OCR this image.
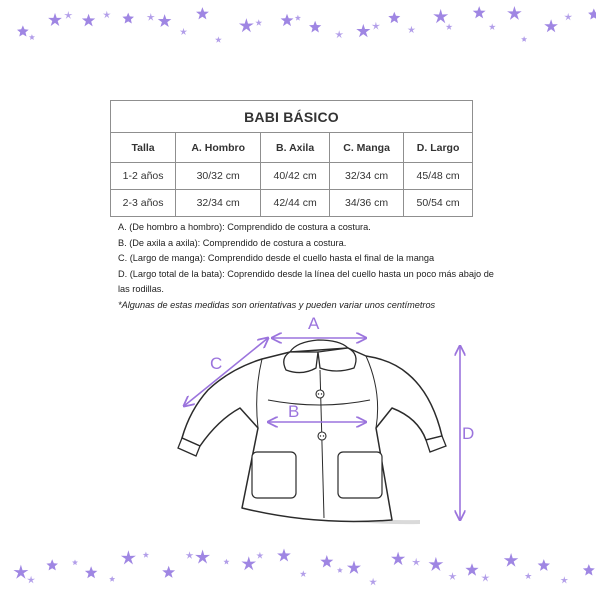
BABI BÁSICO				
Talla	A. Hombro	B. Axila	C. Manga	D. Largo
1-2 años	30/32 cm	40/42 cm	32/34 cm	45/48 cm
2-3 años	32/34 cm	42/44 cm	34/36 cm	50/54 cm

A. (De hombro a hombro): Comprendido de costura a costura.

B. (De axila a axila): Comprendido de costura a costura.

C. (Largo de manga): Comprendido desde el cuello hasta el final de la manga

D. (Largo total de la bata): Coprendido desde la línea del cuello hasta un poco más abajo de las rodillas.

*Algunas de estas medidas son orientativas y pueden variar unos centímetros

A
B
C
D
